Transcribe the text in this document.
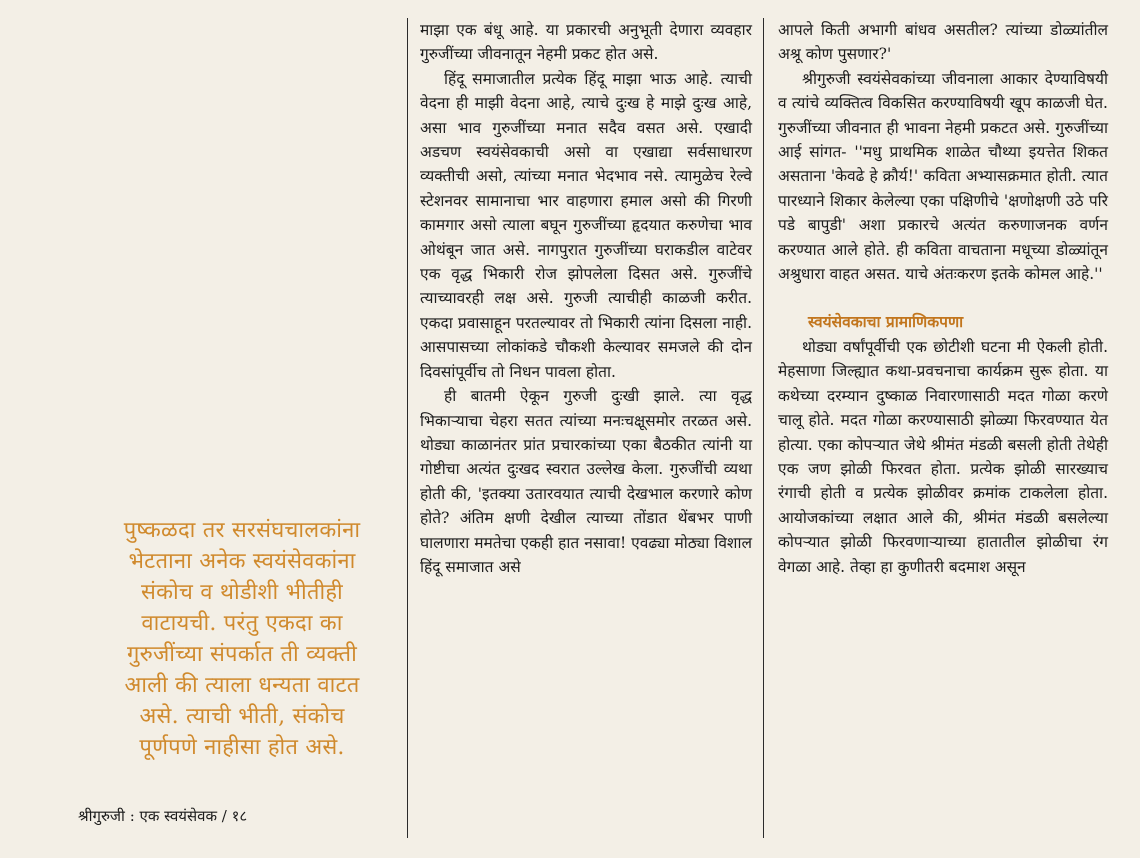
पुष्कळदा तर सरसंघचालकांना
भेटताना अनेक स्वयंसेवकांना
संकोच व थोडीशी भीतीही
वाटायची. परंतु एकदा का
गुरुजींच्या संपर्कात ती व्यक्ती
आली की त्याला धन्यता वाटत
असे. त्याची भीती, संकोच
पूर्णपणे नाहीसा होत असे.

माझा एक बंधू आहे. या प्रकारची अनुभूती देणारा व्यवहार गुरुजींच्या जीवनातून नेहमी प्रकट होत असे.

हिंदू समाजातील प्रत्येक हिंदू माझा भाऊ आहे. त्याची वेदना ही माझी वेदना आहे, त्याचे दुःख हे माझे दुःख आहे, असा भाव गुरुजींच्या मनात सदैव वसत असे. एखादी अडचण स्वयंसेवकाची असो वा एखाद्या सर्वसाधारण व्यक्तीची असो, त्यांच्या मनात भेदभाव नसे. त्यामुळेच रेल्वे स्टेशनवर सामानाचा भार वाहणारा हमाल असो की गिरणी कामगार असो त्याला बघून गुरुजींच्या हृदयात करुणेचा भाव ओथंबून जात असे. नागपुरात गुरुजींच्या घराकडील वाटेवर एक वृद्ध भिकारी रोज झोपलेला दिसत असे. गुरुजींचे त्याच्यावरही लक्ष असे. गुरुजी त्याचीही काळजी करीत. एकदा प्रवासाहून परतल्यावर तो भिकारी त्यांना दिसला नाही. आसपासच्या लोकांकडे चौकशी केल्यावर समजले की दोन दिवसांपूर्वीच तो निधन पावला होता.

ही बातमी ऐकून गुरुजी दुःखी झाले. त्या वृद्ध भिकाऱ्याचा चेहरा सतत त्यांच्या मनःचक्षूसमोर तरळत असे. थोड्या काळानंतर प्रांत प्रचारकांच्या एका बैठकीत त्यांनी या गोष्टीचा अत्यंत दुःखद स्वरात उल्लेख केला. गुरुजींची व्यथा होती की, 'इतक्या उतारवयात त्याची देखभाल करणारे कोण होते? अंतिम क्षणी देखील त्याच्या तोंडात थेंबभर पाणी घालणारा ममतेचा एकही हात नसावा! एवढ्या मोठ्या विशाल हिंदू समाजात असे

आपले किती अभागी बांधव असतील? त्यांच्या डोळ्यांतील अश्रू कोण पुसणार?'

श्रीगुरुजी स्वयंसेवकांच्या जीवनाला आकार देण्याविषयी व त्यांचे व्यक्तित्व विकसित करण्याविषयी खूप काळजी घेत. गुरुजींच्या जीवनात ही भावना नेहमी प्रकटत असे. गुरुजींच्या आई सांगत- ''मधु प्राथमिक शाळेत चौथ्या इयत्तेत शिकत असताना 'केवढे हे क्रौर्य!' कविता अभ्यासक्रमात होती. त्यात पारध्याने शिकार केलेल्या एका पक्षिणीचे 'क्षणोक्षणी उठे परि पडे बापुडी' अशा प्रकारचे अत्यंत करुणाजनक वर्णन करण्यात आले होते. ही कविता वाचताना मधूच्या डोळ्यांतून अश्रुधारा वाहत असत. याचे अंतःकरण इतके कोमल आहे.''

स्वयंसेवकाचा प्रामाणिकपणा

थोड्या वर्षांपूर्वीची एक छोटीशी घटना मी ऐकली होती. मेहसाणा जिल्ह्यात कथा-प्रवचनाचा कार्यक्रम सुरू होता. या कथेच्या दरम्यान दुष्काळ निवारणासाठी मदत गोळा करणे चालू होते. मदत गोळा करण्यासाठी झोळ्या फिरवण्यात येत होत्या. एका कोपऱ्यात जेथे श्रीमंत मंडळी बसली होती तेथेही एक जण झोळी फिरवत होता. प्रत्येक झोळी सारख्याच रंगाची होती व प्रत्येक झोळीवर क्रमांक टाकलेला होता. आयोजकांच्या लक्षात आले की, श्रीमंत मंडळी बसलेल्या कोपऱ्यात झोळी फिरवणाऱ्याच्या हातातील झोळीचा रंग वेगळा आहे. तेव्हा हा कुणीतरी बदमाश असून

श्रीगुरुजी : एक स्वयंसेवक / १८
